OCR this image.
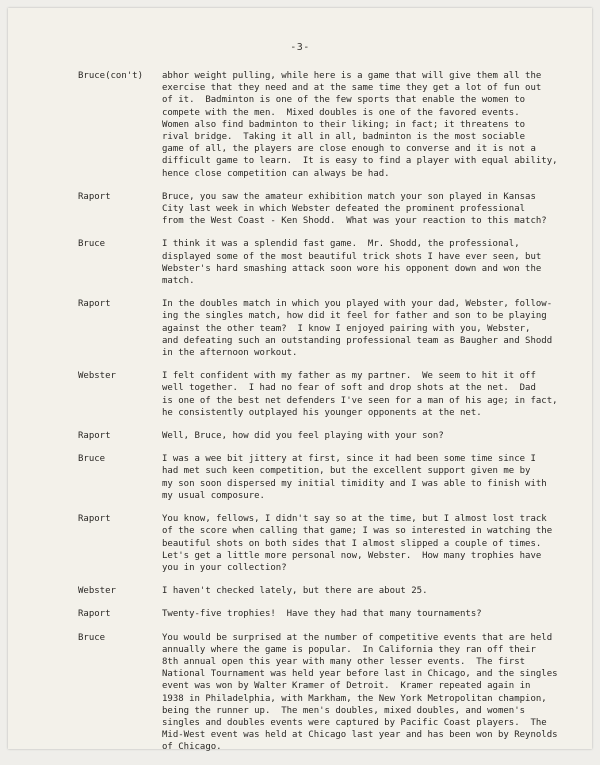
-3-
Bruce(con't)	abhor weight pulling, while here is a game that will give them all the
exercise that they need and at the same time they get a lot of fun out
of it.  Badminton is one of the few sports that enable the women to
compete with the men.  Mixed doubles is one of the favored events.
Women also find badminton to their liking; in fact; it threatens to
rival bridge.  Taking it all in all, badminton is the most sociable
game of all, the players are close enough to converse and it is not a
difficult game to learn.  It is easy to find a player with equal ability,
hence close competition can always be had.
Raport	Bruce, you saw the amateur exhibition match your son played in Kansas
City last week in which Webster defeated the prominent professional
from the West Coast - Ken Shodd.  What was your reaction to this match?
Bruce	I think it was a splendid fast game.  Mr. Shodd, the professional,
displayed some of the most beautiful trick shots I have ever seen, but
Webster's hard smashing attack soon wore his opponent down and won the
match.
Raport	In the doubles match in which you played with your dad, Webster, follow-
ing the singles match, how did it feel for father and son to be playing
against the other team?  I know I enjoyed pairing with you, Webster,
and defeating such an outstanding professional team as Baugher and Shodd
in the afternoon workout.
Webster	I felt confident with my father as my partner.  We seem to hit it off
well together.  I had no fear of soft and drop shots at the net.  Dad
is one of the best net defenders I've seen for a man of his age; in fact,
he consistently outplayed his younger opponents at the net.
Raport	Well, Bruce, how did you feel playing with your son?
Bruce	I was a wee bit jittery at first, since it had been some time since I
had met such keen competition, but the excellent support given me by
my son soon dispersed my initial timidity and I was able to finish with
my usual composure.
Raport	You know, fellows, I didn't say so at the time, but I almost lost track
of the score when calling that game; I was so interested in watching the
beautiful shots on both sides that I almost slipped a couple of times.
Let's get a little more personal now, Webster.  How many trophies have
you in your collection?
Webster	I haven't checked lately, but there are about 25.
Raport	Twenty-five trophies!  Have they had that many tournaments?
Bruce	You would be surprised at the number of competitive events that are held
annually where the game is popular.  In California they ran off their
8th annual open this year with many other lesser events.  The first
National Tournament was held year before last in Chicago, and the singles
event was won by Walter Kramer of Detroit.  Kramer repeated again in
1938 in Philadelphia, with Markham, the New York Metropolitan champion,
being the runner up.  The men's doubles, mixed doubles, and women's
singles and doubles events were captured by Pacific Coast players.  The
Mid-West event was held at Chicago last year and has been won by Reynolds
of Chicago.
